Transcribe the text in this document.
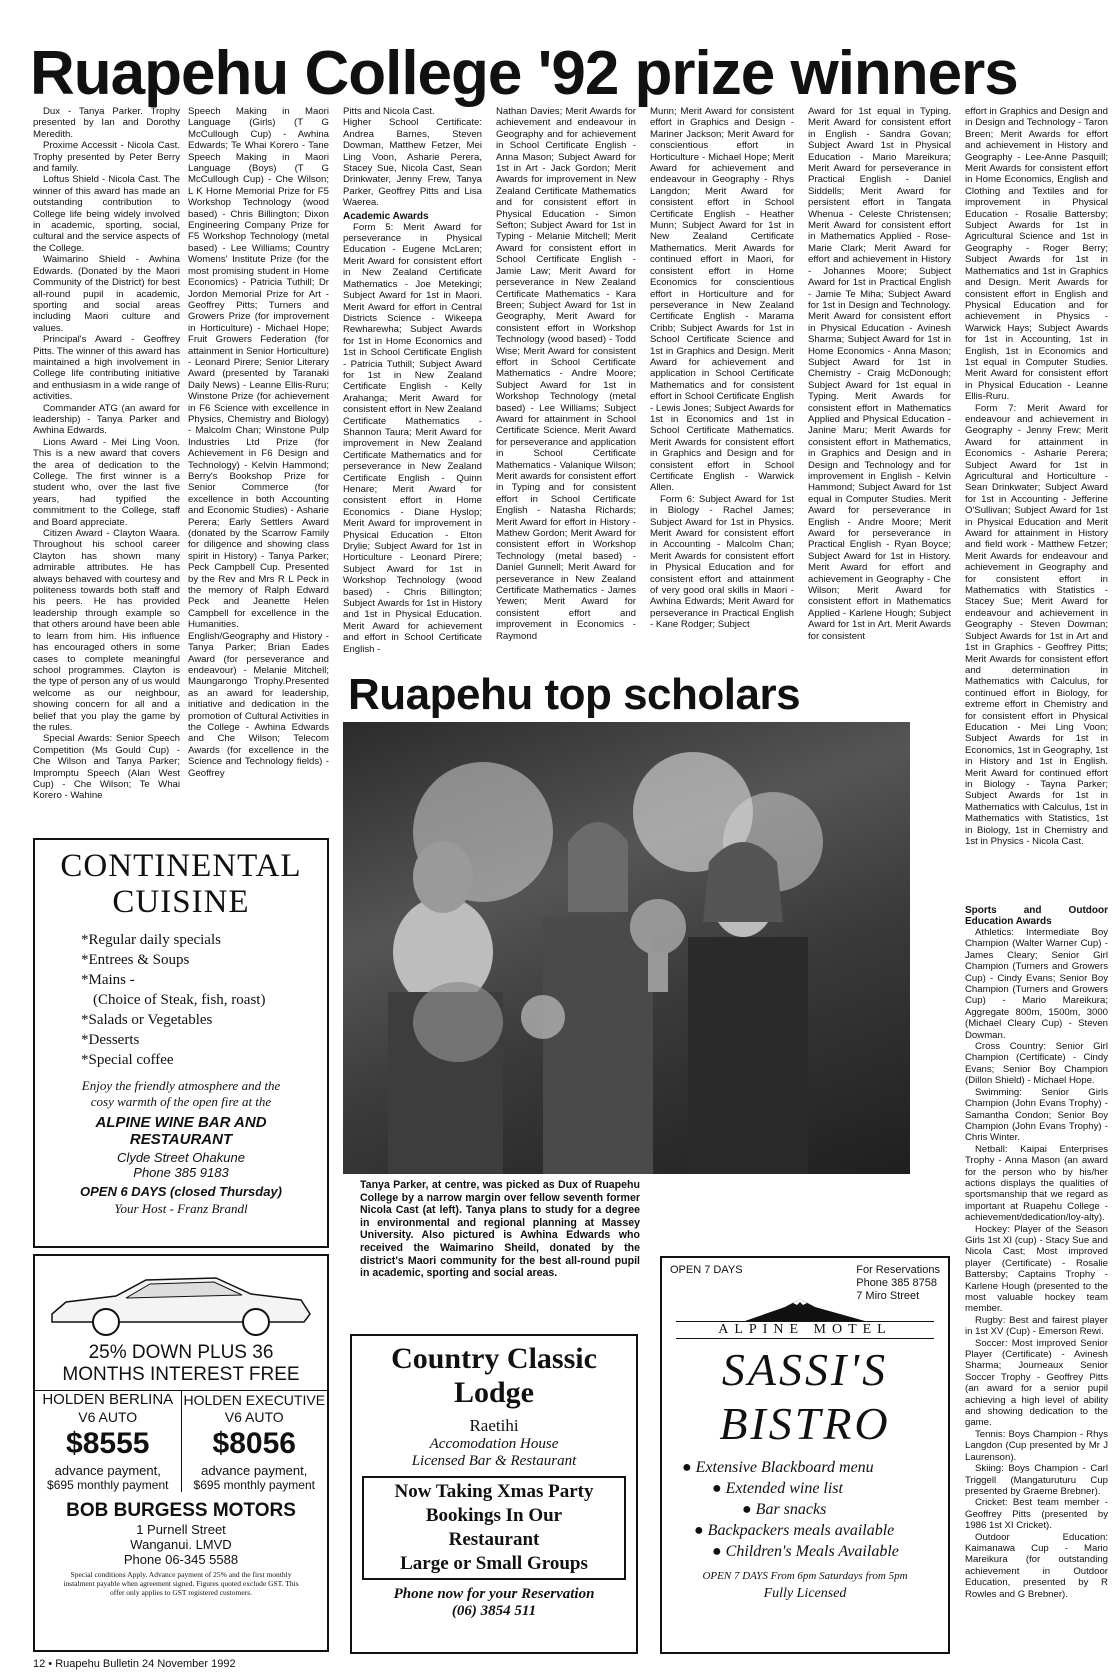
Ruapehu College '92 prize winners

Dux - Tanya Parker. Trophy presented by Ian and Dorothy Meredith.

Proxime Accessit - Nicola Cast. Trophy presented by Peter Berry and family.

Loftus Shield - Nicola Cast. The winner of this award has made an outstanding contribution to College life being widely involved in academic, sporting, social, cultural and the service aspects of the College.

Waimarino Shield - Awhina Edwards. (Donated by the Maori Community of the District) for best all-round pupil in academic, sporting and social areas including Maori culture and values.

Principal's Award - Geoffrey Pitts. The winner of this award has maintained a high involvement in College life contributing initiative and enthusiasm in a wide range of activities.

Commander ATG (an award for leadership) - Tanya Parker and Awhina Edwards.

Lions Award - Mei Ling Voon. This is a new award that covers the area of dedication to the College. The first winner is a student who, over the last five years, had typified the commitment to the College, staff and Board appreciate.

Citizen Award - Clayton Waara. Throughout his school career Clayton has shown many admirable attributes. He has always behaved with courtesy and politeness towards both staff and his peers. He has provided leadership through example so that others around have been able to learn from him. His influence has encouraged others in some cases to complete meaningful school programmes. Clayton is the type of person any of us would welcome as our neighbour, showing concern for all and a belief that you play the game by the rules.

Special Awards: Senior Speech Competition (Ms Gould Cup) - Che Wilson and Tanya Parker; Impromptu Speech (Alan West Cup) - Che Wilson; Te Whai Korero - Wahine

Speech Making in Maori Language (Girls) (T G McCullough Cup) - Awhina Edwards; Te Whai Korero - Tane Speech Making in Maori Language (Boys) (T G McCullough Cup) - Che Wilson; L K Horne Memorial Prize for F5 Workshop Technology (wood based) - Chris Billington; Dixon Engineering Company Prize for F5 Workshop Technology (metal based) - Lee Williams; Country Womens' Institute Prize (for the most promising student in Home Economics) - Patricia Tuthill; Dr Jordon Memorial Prize for Art - Geoffrey Pitts; Turners and Growers Prize (for improvement in Horticulture) - Michael Hope; Fruit Growers Federation (for attainment in Senior Horticulture) - Leonard Pirere; Senior Literary Award (presented by Taranaki Daily News) - Leanne Ellis-Ruru; Winstone Prize (for achievement in F6 Science with excellence in Physics, Chemistry and Biology) - Malcolm Chan; Winstone Pulp Industries Ltd Prize (for Achievement in F6 Design and Technology) - Kelvin Hammond; Berry's Bookshop Prize for Senior Commerce (for excellence in both Accounting and Economic Studies) - Asharie Perera; Early Settlers Award (donated by the Scarrow Family for diligence and showing class spirit in History) - Tanya Parker; Peck Campbell Cup. Presented by the Rev and Mrs R L Peck in the memory of Ralph Edward Peck and Jeanette Helen Campbell for excellence in the Humanities.

English/Geography and History - Tanya Parker; Brian Eades Award (for perseverance and endeavour) - Melanie Mitchell; Maungarongo Trophy.Presented as an award for leadership, initiative and dedication in the promotion of Cultural Activities in the College - Awhina Edwards and Che Wilson; Telecom Awards (for excellence in the Science and Technology fields) - Geoffrey

Pitts and Nicola Cast.

Higher School Certificate: Andrea Barnes, Steven Dowman, Matthew Fetzer, Mei Ling Voon, Asharie Perera, Stacey Sue, Nicola Cast, Sean Drinkwater, Jenny Frew, Tanya Parker, Geoffrey Pitts and Lisa Waerea.

Academic Awards

Form 5: Merit Award for perseverance in Physical Education - Eugene McLaren; Merit Award for consistent effort in New Zealand Certificate Mathematics - Joe Metekingi; Subject Award for 1st in Maori. Merit Award for effort in Central Districts Science - Wikeepa Rewharewha; Subject Awards for 1st in Home Economics and 1st in School Certificate English - Patricia Tuthill; Subject Award for 1st in New Zealand Certificate English - Kelly Arahanga; Merit Award for consistent effort in New Zealand Certificate Mathematics - Shannon Taura; Merit Award for improvement in New Zealand Certificate Mathematics and for perseverance in New Zealand Certificate English - Quinn Henare; Merit Award for consistent effort in Home Economics - Diane Hyslop; Merit Award for improvement in Physical Education - Elton Drylie; Subject Award for 1st in Horticulture - Leonard Pirere; Subject Award for 1st in Workshop Technology (wood based) - Chris Billington; Subject Awards for 1st in History and 1st in Physical Education. Merit Award for achievement and effort in School Certificate English -

Nathan Davies; Merit Awards for achievement and endeavour in Geography and for achievement in School Certificate English - Anna Mason; Subject Award for 1st in Art - Jack Gordon; Merit Awards for improvement in New Zealand Certificate Mathematics and for consistent effort in Physical Education - Simon Sefton; Subject Award for 1st in Typing - Melanie Mitchell; Merit Award for consistent effort in School Certificate English - Jamie Law; Merit Award for perseverance in New Zealand Certificate Mathematics - Kara Breen; Subject Award for 1st in Geography, Merit Award for consistent effort in Workshop Technology (wood based) - Todd Wise; Merit Award for consistent effort in School Certificate Mathematics - Andre Moore; Subject Award for 1st in Workshop Technology (metal based) - Lee Williams; Subject Award for attainment in School Certificate Science. Merit Award for perseverance and application in School Certificate Mathematics - Valanique Wilson; Merit awards for consistent effort in Typing and for consistent effort in School Certificate English - Natasha Richards; Merit Award for effort in History - Mathew Gordon; Merit Award for consistent effort in Workshop Technology (metal based) - Daniel Gunnell; Merit Award for perseverance in New Zealand Certificate Mathematics - James Yewen; Merit Award for consistent effort and improvement in Economics - Raymond

Munn; Merit Award for consistent effort in Graphics and Design - Mariner Jackson; Merit Award for conscientious effort in Horticulture - Michael Hope; Merit Award for achievement and endeavour in Geography - Rhys Langdon; Merit Award for consistent effort in School Certificate English - Heather Munn; Subject Award for 1st in New Zealand Certificate Mathematics. Merit Awards for continued effort in Maori, for consistent effort in Home Economics for conscientious effort in Horticulture and for perseverance in New Zealand Certificate English - Marama Cribb; Subject Awards for 1st in School Certificate Science and 1st in Graphics and Design. Merit Award for achievement and application in School Certificate Mathematics and for consistent effort in School Certificate English - Lewis Jones; Subject Awards for 1st in Economics and 1st in School Certificate Mathematics. Merit Awards for consistent effort in Graphics and Design and for consistent effort in School Certificate English - Warwick Allen.

Form 6: Subject Award for 1st in Biology - Rachel James; Subject Award for 1st in Physics. Merit Award for consistent effort in Accounting - Malcolm Chan; Merit Awards for consistent effort in Physical Education and for consistent effort and attainment of very good oral skills in Maori - Awhina Edwards; Merit Award for perseverance in Practical English - Kane Rodger; Subject

Award for 1st equal in Typing. Merit Award for consistent effort in English - Sandra Govan; Subject Award 1st in Physical Education - Mario Mareikura; Merit Award for perseverance in Practical English - Daniel Siddells; Merit Award for persistent effort in Tangata Whenua - Celeste Christensen; Merit Award for consistent effort in Mathematics Applied - Rose-Marie Clark; Merit Award for effort and achievement in History - Johannes Moore; Subject Award for 1st in Practical English - Jamie Te Miha; Subject Award for 1st in Design and Technology. Merit Award for consistent effort in Physical Education - Avinesh Sharma; Subject Award for 1st in Home Economics - Anna Mason; Subject Award for 1st in Chemistry - Craig McDonough; Subject Award for 1st equal in Typing. Merit Awards for consistent effort in Mathematics Applied and Physical Education - Janine Maru; Merit Awards for consistent effort in Mathematics, in Graphics and Design and in Design and Technology and for improvement in English - Kelvin Hammond; Subject Award for 1st equal in Computer Studies. Merit Award for perseverance in English - Andre Moore; Merit Award for perseverance in Practical English - Ryan Boyce; Subject Award for 1st in History. Merit Award for effort and achievement in Geography - Che Wilson; Merit Award for consistent effort in Mathematics Applied - Karlene Hough; Subject Award for 1st in Art. Merit Awards for consistent

effort in Graphics and Design and in Design and Technology - Taron Breen; Merit Awards for effort and achievement in History and Geography - Lee-Anne Pasquill; Merit Awards for consistent effort in Home Economics, English and Clothing and Textiles and for improvement in Physical Education - Rosalie Battersby; Subject Awards for 1st in Agricultural Science and 1st in Geography - Roger Berry; Subject Awards for 1st in Mathematics and 1st in Graphics and Design. Merit Awards for consistent effort in English and Physical Education and for achievement in Physics - Warwick Hays; Subject Awards for 1st in Accounting, 1st in English, 1st in Economics and 1st equal in Computer Studies. Merit Award for consistent effort in Physical Education - Leanne Ellis-Ruru.

Form 7: Merit Award for endeavour and achievement in Geography - Jenny Frew; Merit Award for attainment in Economics - Asharie Perera; Subject Award for 1st in Agricultural and Horticulture - Sean Drinkwater; Subject Award for 1st in Accounting - Jefferine O'Sullivan; Subject Award for 1st in Physical Education and Merit Award for attainment in History and field work - Matthew Fetzer; Merit Awards for endeavour and achievement in Geography and for consistent effort in Mathematics with Statistics - Stacey Sue; Merit Award for endeavour and achievement in Geography - Steven Dowman; Subject Awards for 1st in Art and 1st in Graphics - Geoffrey Pitts; Merit Awards for consistent effort and determination in Mathematics with Calculus, for continued effort in Biology, for extreme effort in Chemistry and for consistent effort in Physical Education - Mei Ling Voon; Subject Awards for 1st in Economics, 1st in Geography, 1st in History and 1st in English. Merit Award for continued effort in Biology - Tayna Parker; Subject Awards for 1st in Mathematics with Calculus, 1st in Mathematics with Statistics, 1st in Biology, 1st in Chemistry and 1st in Physics - Nicola Cast.

Sports and Outdoor Education Awards

Athletics: Intermediate Boy Champion (Walter Warner Cup) - James Cleary; Senior Girl Champion (Turners and Growers Cup) - Cindy Evans; Senior Boy Champion (Turners and Growers Cup) - Mario Mareikura; Aggregate 800m, 1500m, 3000 (Michael Cleary Cup) - Steven Dowman.

Cross Country: Senior Girl Champion (Certificate) - Cindy Evans; Senior Boy Champion (Dillon Shield) - Michael Hope.

Swimming: Senior Girls Champion (John Evans Trophy) - Samantha Condon; Senior Boy Champion (John Evans Trophy) - Chris Winter.

Netball: Kaipai Enterprises Trophy - Anna Mason (an award for the person who by his/her actions displays the qualities of sportsmanship that we regard as important at Ruapehu College - achievement/dedication/loy-alty).

Hockey: Player of the Season Girls 1st XI (cup) - Stacy Sue and Nicola Cast; Most improved player (Certificate) - Rosalie Battersby; Captains Trophy - Karlene Hough (presented to the most valuable hockey team member.

Rugby: Best and fairest player in 1st XV (Cup) - Emerson Rewi.

Soccer: Most improved Senior Player (Certificate) - Avinesh Sharma; Journeaux Senior Soccer Trophy - Geoffrey Pitts (an award for a senior pupil achieving a high level of ability and showing dedication to the game.

Tennis: Boys Champion - Rhys Langdon (Cup presented by Mr J Laurenson).

Skiing: Boys Champion - Carl Triggell (Mangaturuturu Cup presented by Graeme Brebner).

Cricket: Best team member - Geoffrey Pitts (presented by 1986 1st XI Cricket).

Outdoor Education: Kaimanawa Cup - Mario Mareikura (for outstanding achievement in Outdoor Education, presented by R Rowles and G Brebner).

Ruapehu top scholars
Tanya Parker, at centre, was picked as Dux of Ruapehu College by a narrow margin over fellow seventh former Nicola Cast (at left). Tanya plans to study for a degree in environmental and regional planning at Massey University. Also pictured is Awhina Edwards who received the Waimarino Sheild, donated by the district's Maori community for the best all-round pupil in academic, sporting and social areas.
CONTINENTAL
CUISINE
*Regular daily specials
*Entrees & Soups
*Mains -
(Choice of Steak, fish, roast)
*Salads or Vegetables
*Desserts
*Special coffee
Enjoy the friendly atmosphere and the
cosy warmth of the open fire at the
ALPINE WINE BAR AND
RESTAURANT
Clyde Street Ohakune
Phone 385 9183
OPEN 6 DAYS (closed Thursday)
Your Host - Franz Brandl
25% DOWN PLUS 36
MONTHS INTEREST FREE
HOLDEN BERLINA
V6 AUTO
$8555
advance payment,
$695 monthly payment
HOLDEN EXECUTIVE
V6 AUTO
$8056
advance payment,
$695 monthly payment
BOB BURGESS MOTORS
1 Purnell Street
Wanganui. LMVD
Phone 06-345 5588
Special conditions Apply. Advance payment of 25% and the first monthly
instalment payable when agreement signed. Figures quoted exclude GST. This
offer only applies to GST registered customers.
Country Classic
Lodge
Raetihi
Accomodation House
Licensed Bar & Restaurant
Now Taking Xmas Party
Bookings In Our
Restaurant
Large or Small Groups
Phone now for your Reservation
(06) 3854 511
OPEN 7 DAYS	For Reservations
Phone 385 8758
7 Miro Street
ALPINE MOTEL
SASSI'S
BISTRO
● Extensive Blackboard menu
● Extended wine list
● Bar snacks
● Backpackers meals available
● Children's Meals Available
OPEN 7 DAYS From 6pm Saturdays from 5pm
Fully Licensed
12 • Ruapehu Bulletin 24 November 1992
